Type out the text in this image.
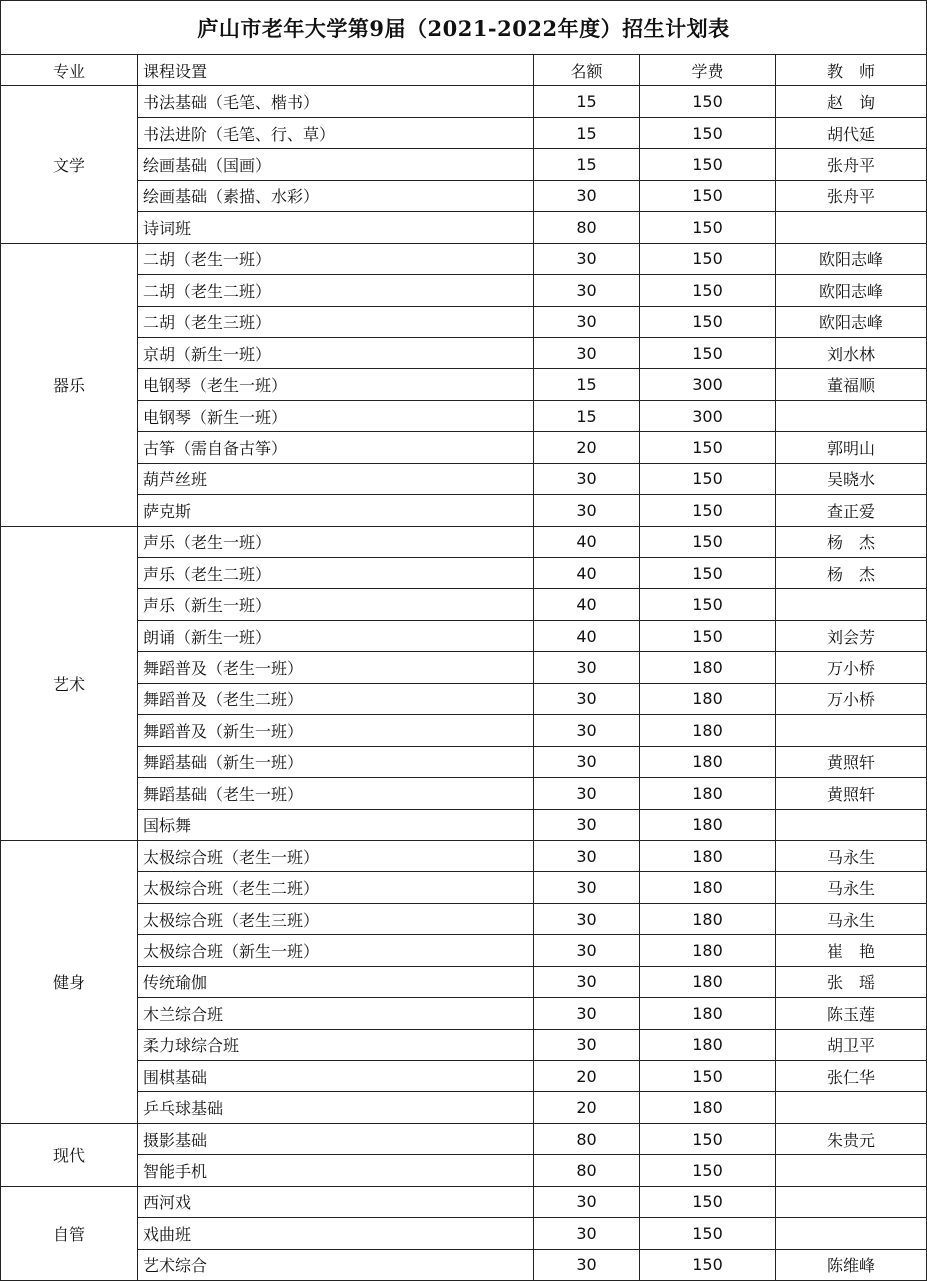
庐山市老年大学第9届（2021-2022年度）招生计划表
专业	课程设置	名额	学费	教　师
文学	书法基础（毛笔、楷书）	15	150	赵　询
	书法进阶（毛笔、行、草）	15	150	胡代延
	绘画基础（国画）	15	150	张舟平
	绘画基础（素描、水彩）	30	150	张舟平
	诗词班	80	150	
器乐	二胡（老生一班）	30	150	欧阳志峰
	二胡（老生二班）	30	150	欧阳志峰
	二胡（老生三班）	30	150	欧阳志峰
	京胡（新生一班）	30	150	刘水林
	电钢琴（老生一班）	15	300	董福顺
	电钢琴（新生一班）	15	300	
	古筝（需自备古筝）	20	150	郭明山
	葫芦丝班	30	150	吴晓水
	萨克斯	30	150	查正爱
艺术	声乐（老生一班）	40	150	杨　杰
	声乐（老生二班）	40	150	杨　杰
	声乐（新生一班）	40	150	
	朗诵（新生一班）	40	150	刘会芳
	舞蹈普及（老生一班）	30	180	万小桥
	舞蹈普及（老生二班）	30	180	万小桥
	舞蹈普及（新生一班）	30	180	
	舞蹈基础（新生一班）	30	180	黄照轩
	舞蹈基础（老生一班）	30	180	黄照轩
	国标舞	30	180	
健身	太极综合班（老生一班）	30	180	马永生
	太极综合班（老生二班）	30	180	马永生
	太极综合班（老生三班）	30	180	马永生
	太极综合班（新生一班）	30	180	崔　艳
	传统瑜伽	30	180	张　瑶
	木兰综合班	30	180	陈玉莲
	柔力球综合班	30	180	胡卫平
	围棋基础	20	150	张仁华
	乒乓球基础	20	180	
现代	摄影基础	80	150	朱贵元
	智能手机	80	150	
自管	西河戏	30	150	
	戏曲班	30	150	
	艺术综合	30	150	陈维峰
